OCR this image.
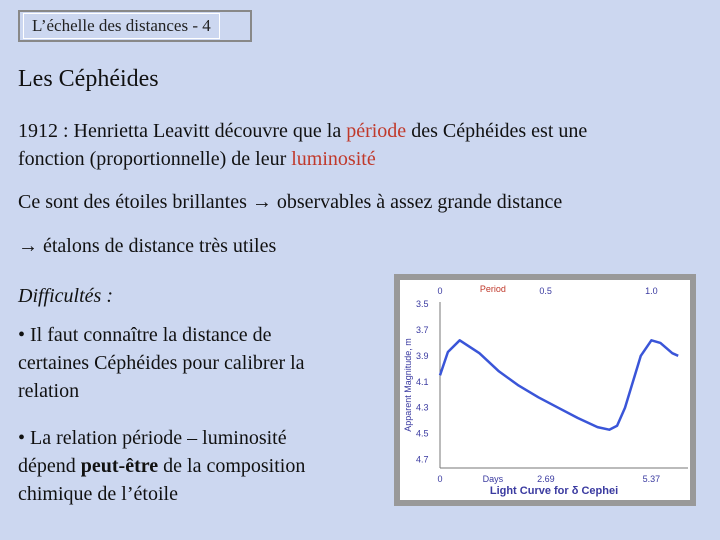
L’échelle des distances - 4
Les Céphéides
1912 : Henrietta Leavitt découvre que la période des Céphéides est une
fonction (proportionnelle) de leur luminosité
Ce sont des étoiles brillantes → observables à assez grande distance
→ étalons de distance très utiles
Difficultés :
• Il faut connaître la distance de
certaines Céphéides pour calibrer la
relation
• La relation période – luminosité
dépend peut-être de la composition
chimique de l’étoile
3.5
3.7
3.9
4.1
4.3
4.5
4.7
Apparent Magnitude, m
0	0.5	1.0
Period
0	2.69	5.37
Days
Light Curve for δ Cephei
